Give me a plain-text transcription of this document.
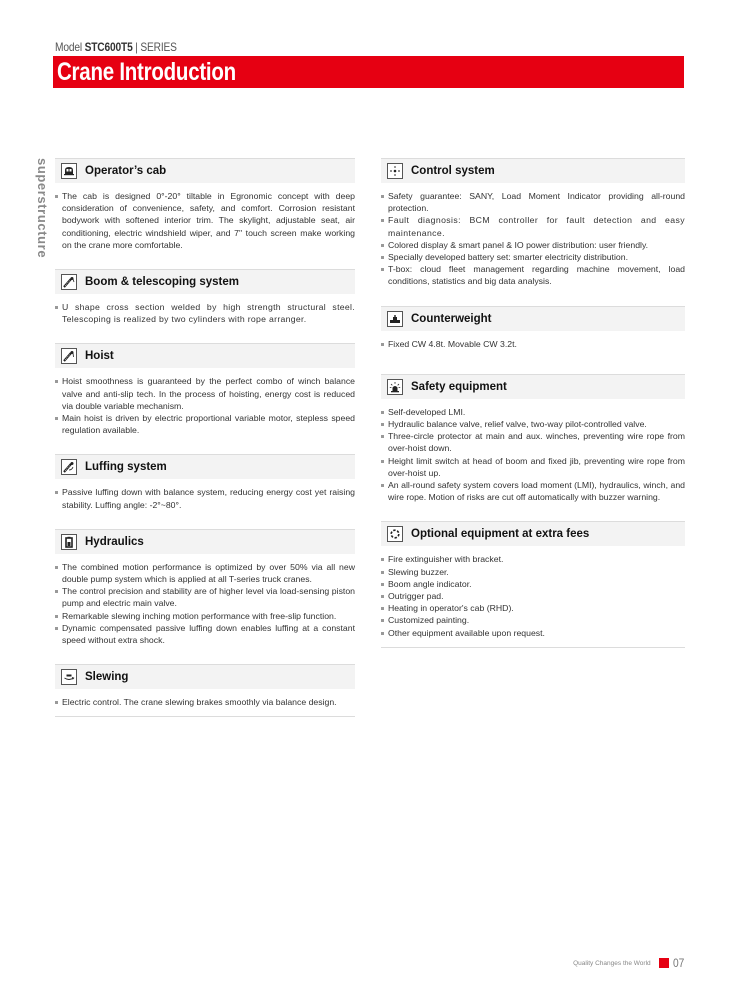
Model STC600T5 | SERIES
Crane Introduction
superstructure	Operator’s cab
The cab is designed 0°-20° tiltable in Egronomic concept with deep consideration of convenience, safety, and comfort. Corrosion resistant bodywork with softened interior trim. The skylight, adjustable seat, air conditioning, electric windshield wiper, and 7" touch screen make working on the crane more comfortable.
Boom & telescoping system
U shape cross section welded by high strength structural steel. Telescoping is realized by two cylinders with rope arranger.
Hoist
Hoist smoothness is guaranteed by the perfect combo of winch balance valve and anti-slip tech. In the process of hoisting, energy cost is reduced via double variable mechanism.
Main hoist is driven by electric proportional variable motor, stepless speed regulation available.
Luffing system
Passive luffing down with balance system, reducing energy cost yet raising stability. Luffing angle: -2°~80°.
Hydraulics
The combined motion performance is optimized by over 50% via all new double pump system which is applied at all T-series truck cranes.
The control precision and stability are of higher level via load-sensing piston pump and electric main valve.
Remarkable slewing inching motion performance with free-slip function.
Dynamic compensated passive luffing down enables luffing at a constant speed without extra shock.
Slewing
Electric control. The crane slewing brakes smoothly via balance design.
Control system
Safety guarantee: SANY, Load Moment Indicator providing all-round protection.
Fault diagnosis: BCM controller for fault detection and easy maintenance.
Colored display & smart panel & IO power distribution: user friendly.
Specially developed battery set: smarter electricity distribution.
T-box: cloud fleet management regarding machine movement, load conditions, statistics and big data analysis.
Counterweight
Fixed CW 4.8t. Movable CW 3.2t.
Safety equipment
Self-developed LMI.
Hydraulic balance valve, relief valve, two-way pilot-controlled valve.
Three-circle protector at main and aux. winches, preventing wire rope from over-hoist down.
Height limit switch at head of boom and fixed jib, preventing wire rope from over-hoist up.
An all-round safety system covers load moment (LMI), hydraulics, winch, and wire rope. Motion of risks are cut off automatically with buzzer warning.
Optional equipment at extra fees
Fire extinguisher with bracket.
Slewing buzzer.
Boom angle indicator.
Outrigger pad.
Heating in operator's cab (RHD).
Customized painting.
Other equipment available upon request.
Quality Changes the World 07
